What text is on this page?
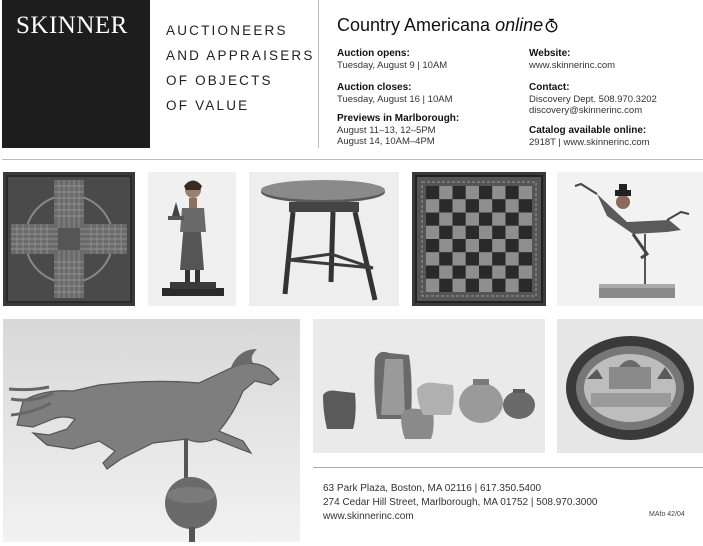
SKINNER	AUCTIONEERS
AND APPRAISERS
OF OBJECTS
OF VALUE
Country Americana online
Auction opens:
Tuesday, August 9 | 10AM
Auction closes:
Tuesday, August 16 | 10AM
Previews in Marlborough:
August 11–13, 12–5PM
August 14, 10AM–4PM
Website:
www.skinnerinc.com
Contact:
Discovery Dept. 508.970.3202
discovery@skinnerinc.com
Catalog available online:
2918T | www.skinnerinc.com
63 Park Plaza, Boston, MA 02116 | 617.350.5400
274 Cedar Hill Street, Marlborough, MA 01752 | 508.970.3000
www.skinnerinc.com	MAfo 42/04
